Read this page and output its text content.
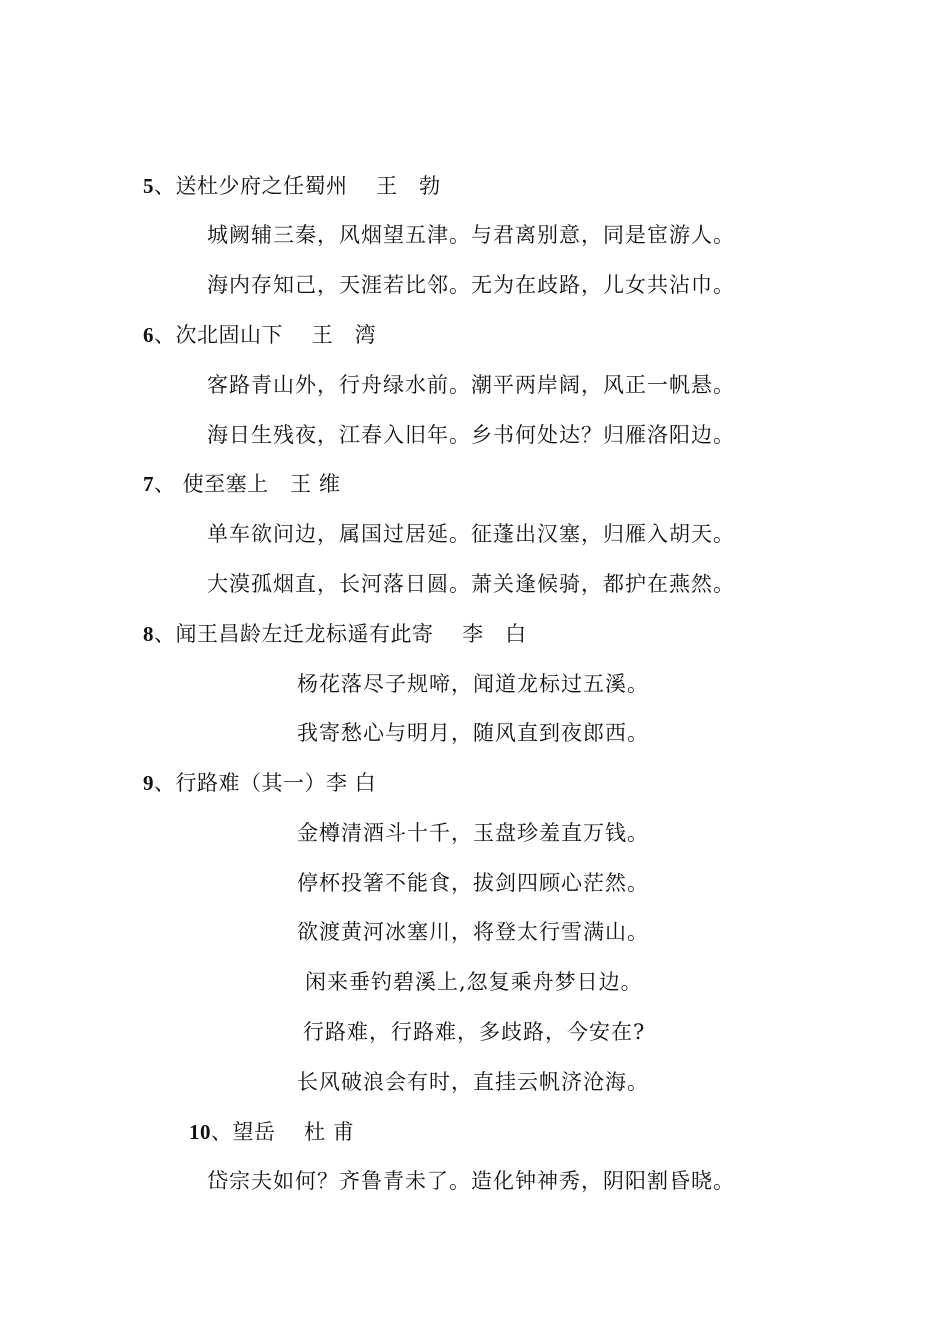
5、送杜少府之任蜀州　 王　勃
城阙辅三秦，风烟望五津。与君离别意，同是宦游人。
海内存知己，天涯若比邻。无为在歧路，儿女共沾巾。
6、次北固山下　 王　湾
客路青山外，行舟绿水前。潮平两岸阔，风正一帆悬。
海日生残夜，江春入旧年。乡书何处达？归雁洛阳边。
7、 使至塞上　王 维
单车欲问边，属国过居延。征蓬出汉塞，归雁入胡天。
大漠孤烟直，长河落日圆。萧关逢候骑，都护在燕然。
8、闻王昌龄左迁龙标遥有此寄　 李　白
杨花落尽子规啼，闻道龙标过五溪。
我寄愁心与明月，随风直到夜郎西。
9、行路难（其一）李 白
金樽清酒斗十千，玉盘珍羞直万钱。
停杯投箸不能食，拔剑四顾心茫然。
欲渡黄河冰塞川，将登太行雪满山。
闲来垂钓碧溪上,忽复乘舟梦日边。
行路难，行路难，多歧路，今安在?
长风破浪会有时，直挂云帆济沧海。
10、望岳　 杜 甫
岱宗夫如何？齐鲁青未了。造化钟神秀，阴阳割昏晓。
